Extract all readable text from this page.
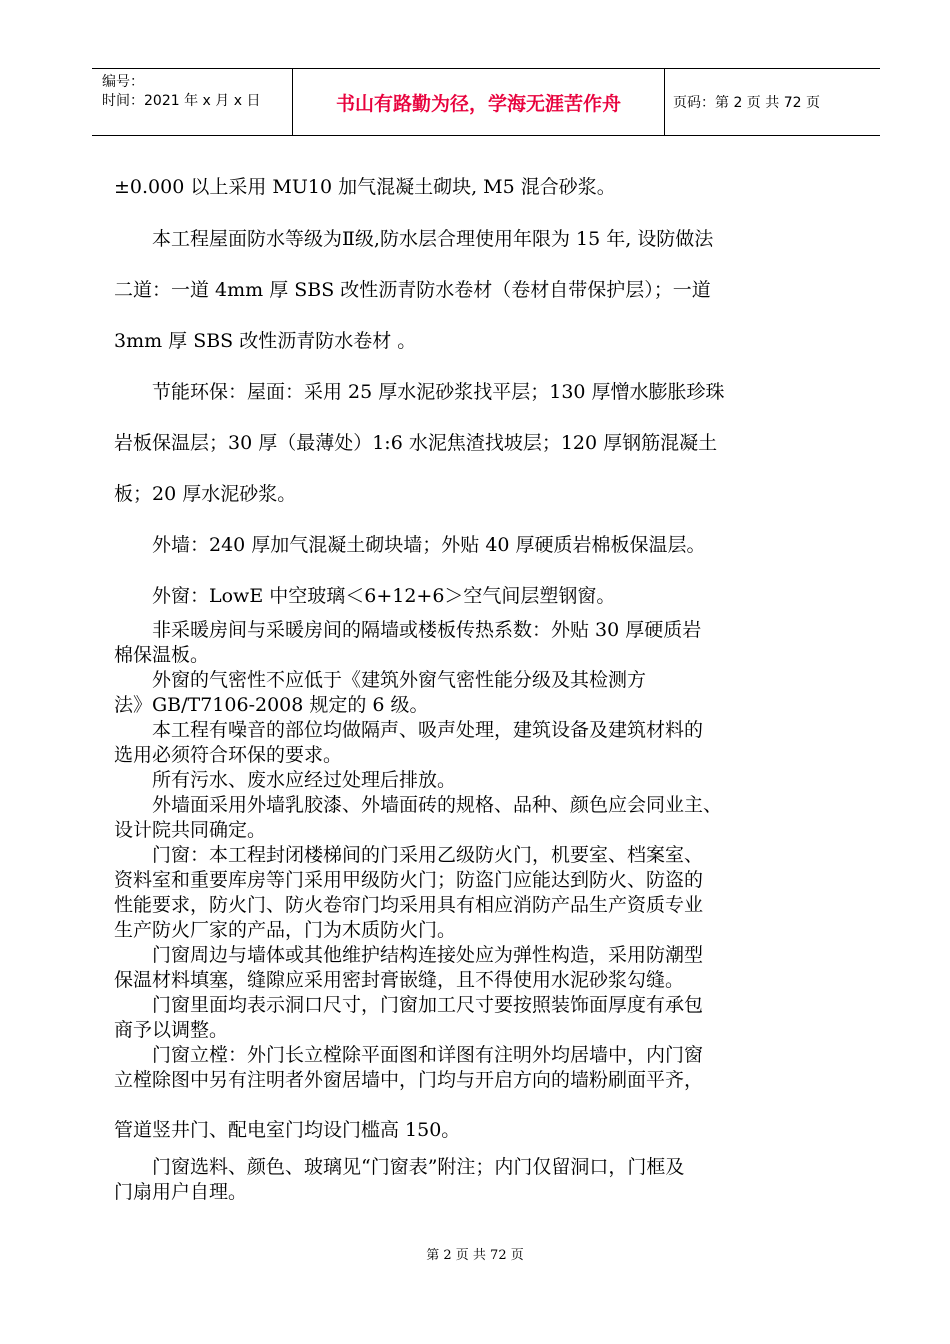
编号：
时间：2021 年 x 月 x 日	书山有路勤为径，学海无涯苦作舟	页码：第 2 页 共 72 页
±0.000 以上采用 MU10 加气混凝土砌块, M5 混合砂浆。
　　本工程屋面防水等级为Ⅱ级,防水层合理使用年限为 15 年, 设防做法
二道：一道 4mm 厚 SBS 改性沥青防水卷材（卷材自带保护层）；一道
3mm 厚 SBS 改性沥青防水卷材 。
　　节能环保：屋面：采用 25 厚水泥砂浆找平层；130 厚憎水膨胀珍珠
岩板保温层；30 厚（最薄处）1:6 水泥焦渣找坡层；120 厚钢筋混凝土
板；20 厚水泥砂浆。
　　外墙：240 厚加气混凝土砌块墙；外贴 40 厚硬质岩棉板保温层。
　　外窗：LowE 中空玻璃＜6+12+6＞空气间层塑钢窗。
　　非采暖房间与采暖房间的隔墙或楼板传热系数：外贴 30 厚硬质岩
棉保温板。
　　外窗的气密性不应低于《建筑外窗气密性能分级及其检测方
法》GB/T7106-2008 规定的 6 级。
　　本工程有噪音的部位均做隔声、吸声处理，建筑设备及建筑材料的
选用必须符合环保的要求。
　　所有污水、废水应经过处理后排放。
　　外墙面采用外墙乳胶漆、外墙面砖的规格、品种、颜色应会同业主、
设计院共同确定。
　　门窗：本工程封闭楼梯间的门采用乙级防火门，机要室、档案室、
资料室和重要库房等门采用甲级防火门；防盗门应能达到防火、防盗的
性能要求，防火门、防火卷帘门均采用具有相应消防产品生产资质专业
生产防火厂家的产品，门为木质防火门。
　　门窗周边与墙体或其他维护结构连接处应为弹性构造，采用防潮型
保温材料填塞，缝隙应采用密封膏嵌缝，且不得使用水泥砂浆勾缝。
　　门窗里面均表示洞口尺寸，门窗加工尺寸要按照装饰面厚度有承包
商予以调整。
　　门窗立樘：外门长立樘除平面图和详图有注明外均居墙中，内门窗
立樘除图中另有注明者外窗居墙中，门均与开启方向的墙粉刷面平齐，
管道竖井门、配电室门均设门槛高 150。
　　门窗选料、颜色、玻璃见“门窗表”附注；内门仅留洞口，门框及
门扇用户自理。
第 2 页 共 72 页
